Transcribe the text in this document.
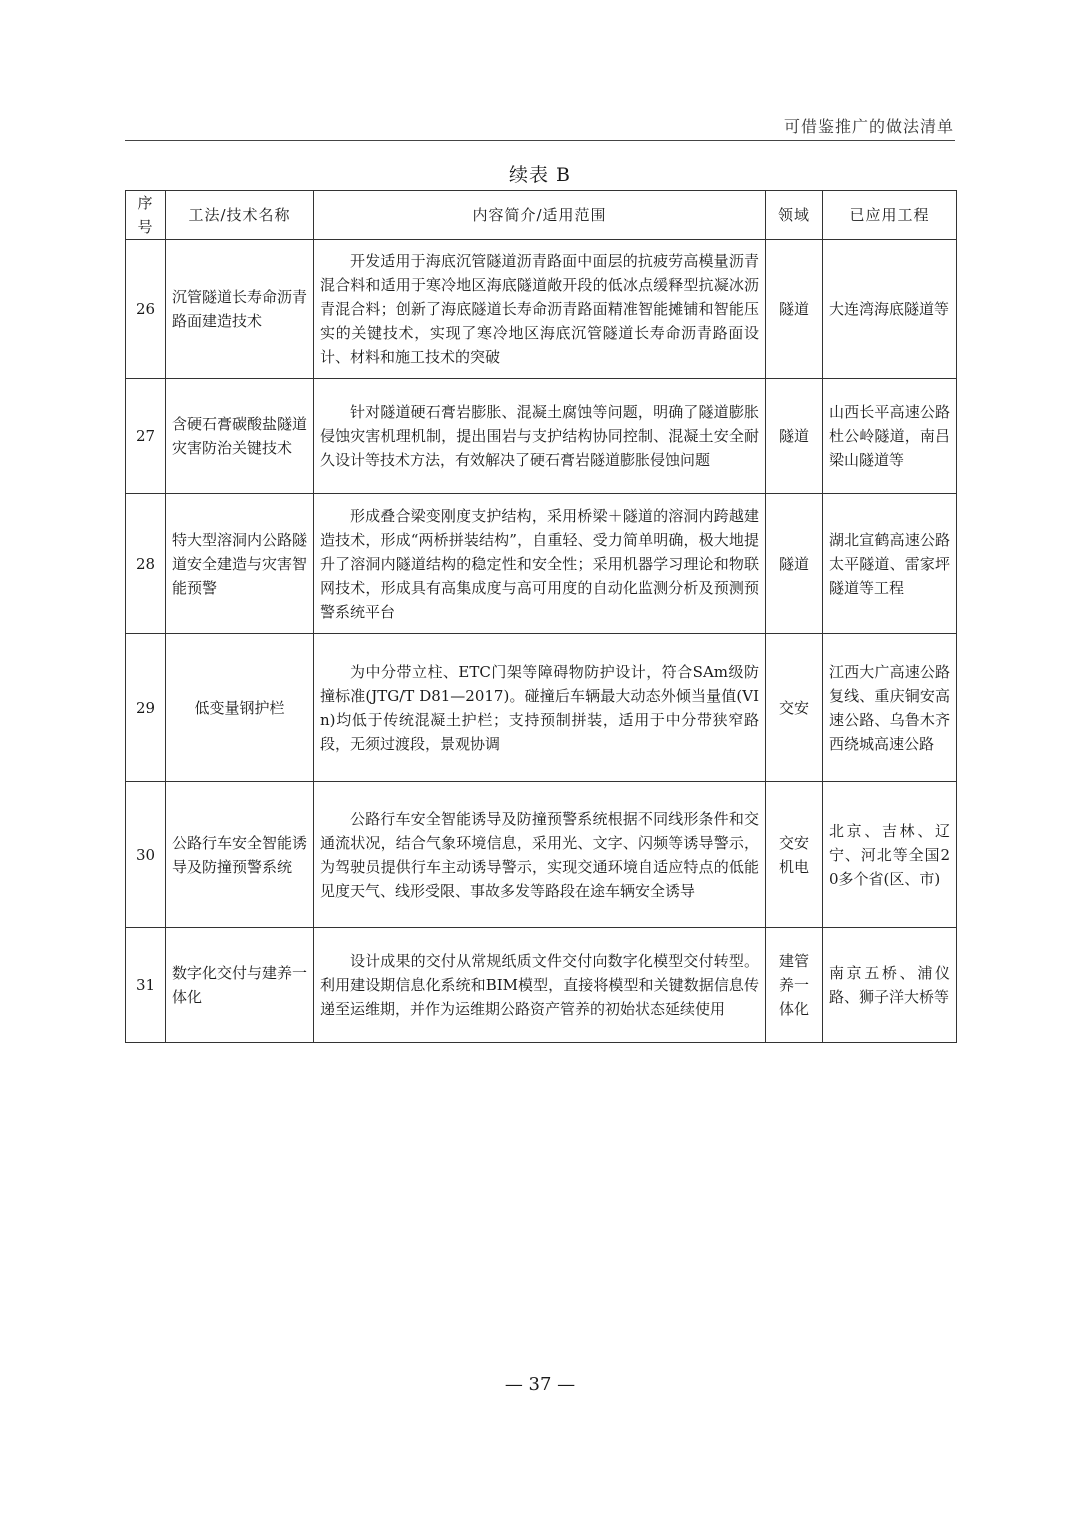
可借鉴推广的做法清单
续表 B
序号	工法/技术名称	内容简介/适用范围	领域	已应用工程
26	沉管隧道长寿命沥青路面建造技术	开发适用于海底沉管隧道沥青路面中面层的抗疲劳高模量沥青混合料和适用于寒冷地区海底隧道敞开段的低冰点缓释型抗凝冰沥青混合料；创新了海底隧道长寿命沥青路面精准智能摊铺和智能压实的关键技术，实现了寒冷地区海底沉管隧道长寿命沥青路面设计、材料和施工技术的突破	隧道	大连湾海底隧道等
27	含硬石膏碳酸盐隧道灾害防治关键技术	针对隧道硬石膏岩膨胀、混凝土腐蚀等问题，明确了隧道膨胀侵蚀灾害机理机制，提出围岩与支护结构协同控制、混凝土安全耐久设计等技术方法，有效解决了硬石膏岩隧道膨胀侵蚀问题	隧道	山西长平高速公路杜公岭隧道，南吕梁山隧道等
28	特大型溶洞内公路隧道安全建造与灾害智能预警	形成叠合梁变刚度支护结构，采用桥梁＋隧道的溶洞内跨越建造技术，形成“两桥拼装结构”，自重轻、受力简单明确，极大地提升了溶洞内隧道结构的稳定性和安全性；采用机器学习理论和物联网技术，形成具有高集成度与高可用度的自动化监测分析及预测预警系统平台	隧道	湖北宣鹤高速公路太平隧道、雷家坪隧道等工程
29	低变量钢护栏	为中分带立柱、ETC门架等障碍物防护设计，符合SAm级防撞标准(JTG/T D81—2017)。碰撞后车辆最大动态外倾当量值(VIn)均低于传统混凝土护栏；支持预制拼装，适用于中分带狭窄路段，无须过渡段，景观协调	交安	江西大广高速公路复线、重庆铜安高速公路、乌鲁木齐西绕城高速公路
30	公路行车安全智能诱导及防撞预警系统	公路行车安全智能诱导及防撞预警系统根据不同线形条件和交通流状况，结合气象环境信息，采用光、文字、闪频等诱导警示，为驾驶员提供行车主动诱导警示，实现交通环境自适应特点的低能见度天气、线形受限、事故多发等路段在途车辆安全诱导	交安机电	北京、吉林、辽宁、河北等全国20多个省(区、市)
31	数字化交付与建养一体化	设计成果的交付从常规纸质文件交付向数字化模型交付转型。利用建设期信息化系统和BIM模型，直接将模型和关键数据信息传递至运维期，并作为运维期公路资产管养的初始状态延续使用	建管养一体化	南京五桥、浦仪路、狮子洋大桥等
— 37 —
